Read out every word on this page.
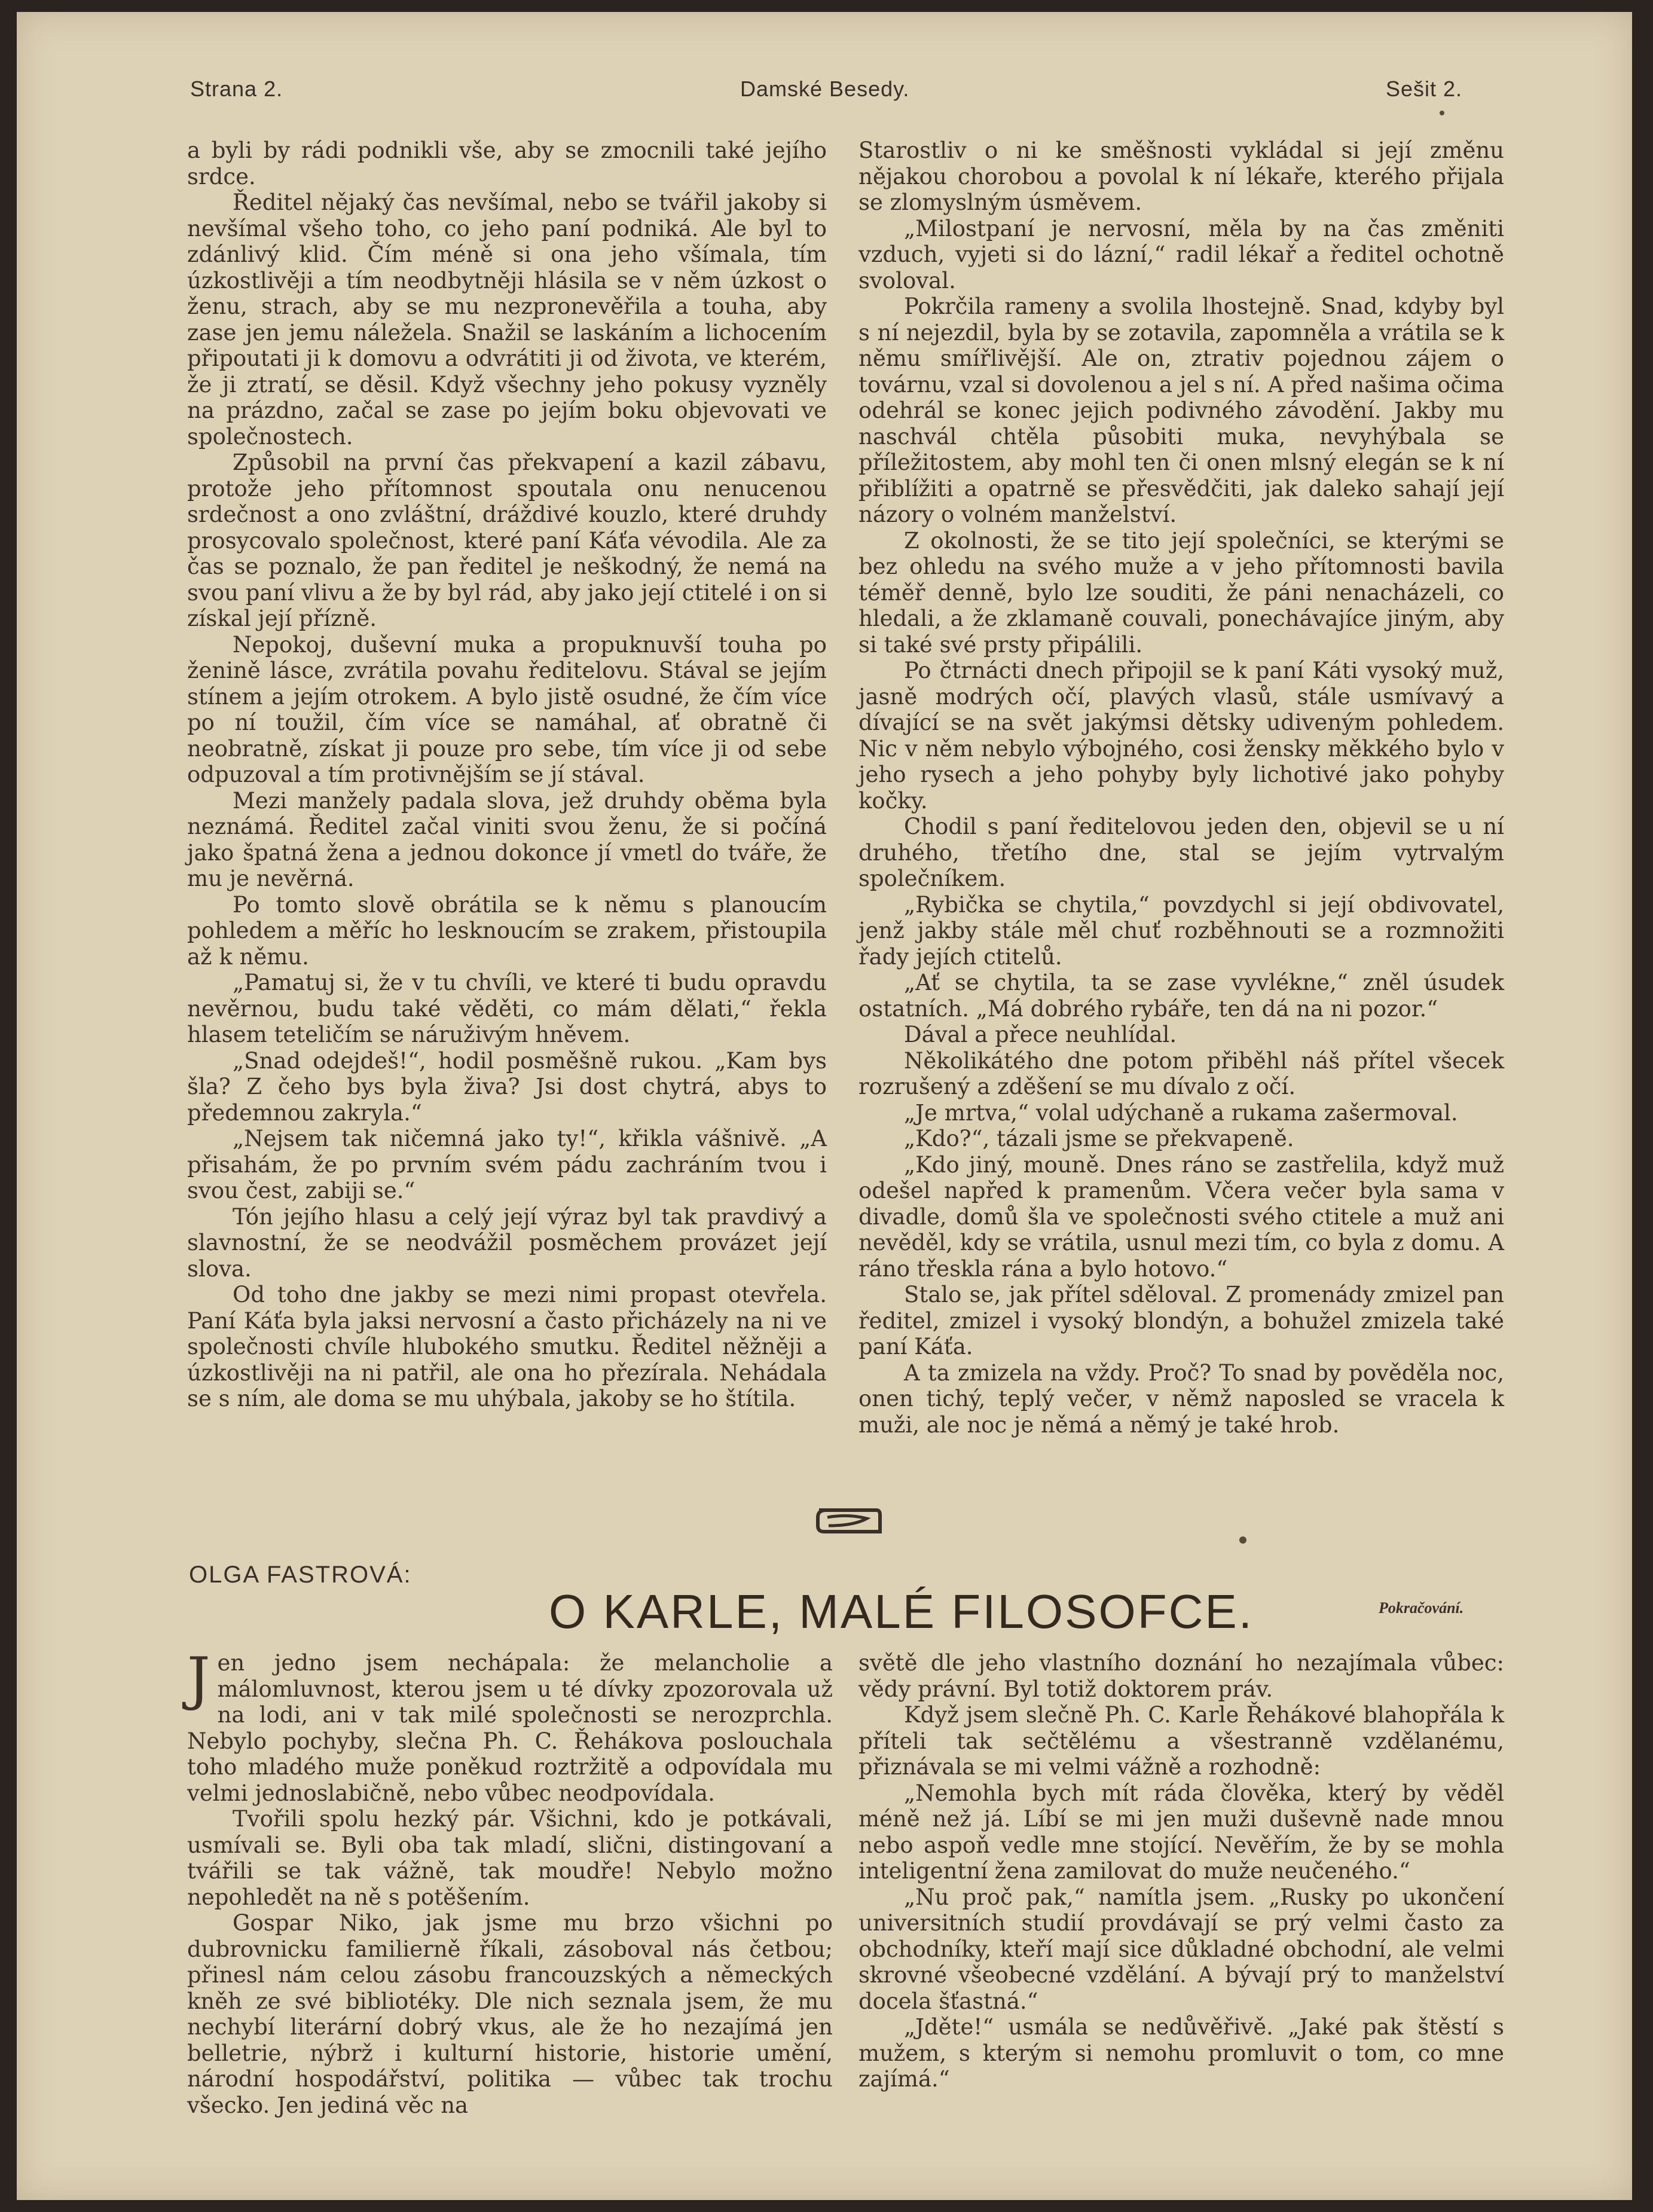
Strana 2.	Damské Besedy.	Sešit 2.

a byli by rádi podnikli vše, aby se zmocnili také jejího srdce.

Ředitel nějaký čas nevšímal, nebo se tvářil jakoby si nevšímal všeho toho, co jeho paní podniká. Ale byl to zdánlivý klid. Čím méně si ona jeho všímala, tím úzkostlivěji a tím neodbytněji hlásila se v něm úzkost o ženu, strach, aby se mu nezpronevěřila a touha, aby zase jen jemu náležela. Snažil se laskáním a lichocením připoutati ji k domovu a odvrátiti ji od života, ve kterém, že ji ztratí, se děsil. Když všechny jeho pokusy vyzněly na prázdno, začal se zase po jejím boku objevovati ve společnostech.

Způsobil na první čas překvapení a kazil zábavu, protože jeho přítomnost spoutala onu nenucenou srdečnost a ono zvláštní, dráždivé kouzlo, které druhdy prosycovalo společnost, které paní Káťa vévodila. Ale za čas se poznalo, že pan ředitel je neškodný, že nemá na svou paní vlivu a že by byl rád, aby jako její ctitelé i on si získal její přízně.

Nepokoj, duševní muka a propuknuvší touha po ženině lásce, zvrátila povahu ředitelovu. Stával se jejím stínem a jejím otrokem. A bylo jistě osudné, že čím více po ní toužil, čím více se namáhal, ať obratně či neobratně, získat ji pouze pro sebe, tím více ji od sebe odpuzoval a tím protivnějším se jí stával.

Mezi manžely padala slova, jež druhdy oběma byla neznámá. Ředitel začal viniti svou ženu, že si počíná jako špatná žena a jednou dokonce jí vmetl do tváře, že mu je nevěrná.

Po tomto slově obrátila se k němu s planoucím pohledem a měříc ho lesknoucím se zrakem, přistoupila až k němu.

„Pamatuj si, že v tu chvíli, ve které ti budu opravdu nevěrnou, budu také věděti, co mám dělati,“ řekla hlasem teteličím se náruživým hněvem.

„Snad odejdeš!“, hodil posměšně rukou. „Kam bys šla? Z čeho bys byla živa? Jsi dost chytrá, abys to předemnou zakryla.“

„Nejsem tak ničemná jako ty!“, křikla vášnivě. „A přisahám, že po prvním svém pádu zachráním tvou i svou čest, zabiji se.“

Tón jejího hlasu a celý její výraz byl tak pravdivý a slavnostní, že se neodvážil posměchem provázet její slova.

Od toho dne jakby se mezi nimi propast otevřela. Paní Káťa byla jaksi nervosní a často přicházely na ni ve společnosti chvíle hlubokého smutku. Ředitel něžněji a úzkostlivěji na ni patřil, ale ona ho přezírala. Nehádala se s ním, ale doma se mu uhýbala, jakoby se ho štítila.

Starostliv o ni ke směšnosti vykládal si její změnu nějakou chorobou a povolal k ní lékaře, kterého přijala se zlomyslným úsměvem.

„Milostpaní je nervosní, měla by na čas změniti vzduch, vyjeti si do lázní,“ radil lékař a ředitel ochotně svoloval.

Pokrčila rameny a svolila lhostejně. Snad, kdyby byl s ní nejezdil, byla by se zotavila, zapomněla a vrátila se k němu smířlivější. Ale on, ztrativ pojednou zájem o továrnu, vzal si dovolenou a jel s ní. A před našima očima odehrál se konec jejich podivného závodění. Jakby mu naschvál chtěla působiti muka, nevyhýbala se příležitostem, aby mohl ten či onen mlsný elegán se k ní přiblížiti a opatrně se přesvědčiti, jak daleko sahají její názory o volném manželství.

Z okolnosti, že se tito její společníci, se kterými se bez ohledu na svého muže a v jeho přítomnosti bavila téměř denně, bylo lze souditi, že páni nenacházeli, co hledali, a že zklamaně couvali, ponechávajíce jiným, aby si také své prsty připálili.

Po čtrnácti dnech připojil se k paní Káti vysoký muž, jasně modrých očí, plavých vlasů, stále usmívavý a dívající se na svět jakýmsi dětsky udiveným pohledem. Nic v něm nebylo výbojného, cosi žensky měkkého bylo v jeho rysech a jeho pohyby byly lichotivé jako pohyby kočky.

Chodil s paní ředitelovou jeden den, objevil se u ní druhého, třetího dne, stal se jejím vytrvalým společníkem.

„Rybička se chytila,“ povzdychl si její obdivovatel, jenž jakby stále měl chuť rozběhnouti se a rozmnožiti řady jejích ctitelů.

„Ať se chytila, ta se zase vyvlékne,“ zněl úsudek ostatních. „Má dobrého rybáře, ten dá na ni pozor.“

Dával a přece neuhlídal.

Několikátého dne potom přiběhl náš přítel všecek rozrušený a zděšení se mu dívalo z očí.

„Je mrtva,“ volal udýchaně a rukama zašermoval.

„Kdo?“, tázali jsme se překvapeně.

„Kdo jiný, mouně. Dnes ráno se zastřelila, když muž odešel napřed k pramenům. Včera večer byla sama v divadle, domů šla ve společnosti svého ctitele a muž ani nevěděl, kdy se vrátila, usnul mezi tím, co byla z domu. A ráno třeskla rána a bylo hotovo.“

Stalo se, jak přítel sděloval. Z promenády zmizel pan ředitel, zmizel i vysoký blondýn, a bohužel zmizela také paní Káťa.

A ta zmizela na vždy. Proč? To snad by pověděla noc, onen tichý, teplý večer, v němž naposled se vracela k muži, ale noc je němá a němý je také hrob.

OLGA FASTROVÁ:
O KARLE, MALÉ FILOSOFCE.	Pokračování.

Jen jedno jsem nechápala: že melancholie a málomluvnost, kterou jsem u té dívky zpozorovala už na lodi, ani v tak milé společnosti se nerozprchla. Nebylo pochyby, slečna Ph. C. Řehákova poslouchala toho mladého muže poněkud roztržitě a odpovídala mu velmi jednoslabičně, nebo vůbec neodpovídala.

Tvořili spolu hezký pár. Všichni, kdo je potkávali, usmívali se. Byli oba tak mladí, slični, distingovaní a tvářili se tak vážně, tak moudře! Nebylo možno nepohledět na ně s potěšením.

Gospar Niko, jak jsme mu brzo všichni po dubrovnicku familierně říkali, zásoboval nás četbou; přinesl nám celou zásobu francouzských a německých kněh ze své bibliotéky. Dle nich seznala jsem, že mu nechybí literární dobrý vkus, ale že ho nezajímá jen belletrie, nýbrž i kulturní historie, historie umění, národní hospodářství, politika — vůbec tak trochu všecko. Jen jediná věc na

světě dle jeho vlastního doznání ho nezajímala vůbec: vědy právní. Byl totiž doktorem práv.

Když jsem slečně Ph. C. Karle Řehákové blahopřála k příteli tak sečtělému a všestranně vzdělanému, přiznávala se mi velmi vážně a rozhodně:

„Nemohla bych mít ráda člověka, který by věděl méně než já. Líbí se mi jen muži duševně nade mnou nebo aspoň vedle mne stojící. Nevěřím, že by se mohla inteligentní žena zamilovat do muže neučeného.“

„Nu proč pak,“ namítla jsem. „Rusky po ukončení universitních studií provdávají se prý velmi často za obchodníky, kteří mají sice důkladné obchodní, ale velmi skrovné všeobecné vzdělání. A bývají prý to manželství docela šťastná.“

„Jděte!“ usmála se nedůvěřivě. „Jaké pak štěstí s mužem, s kterým si nemohu promluvit o tom, co mne zajímá.“
